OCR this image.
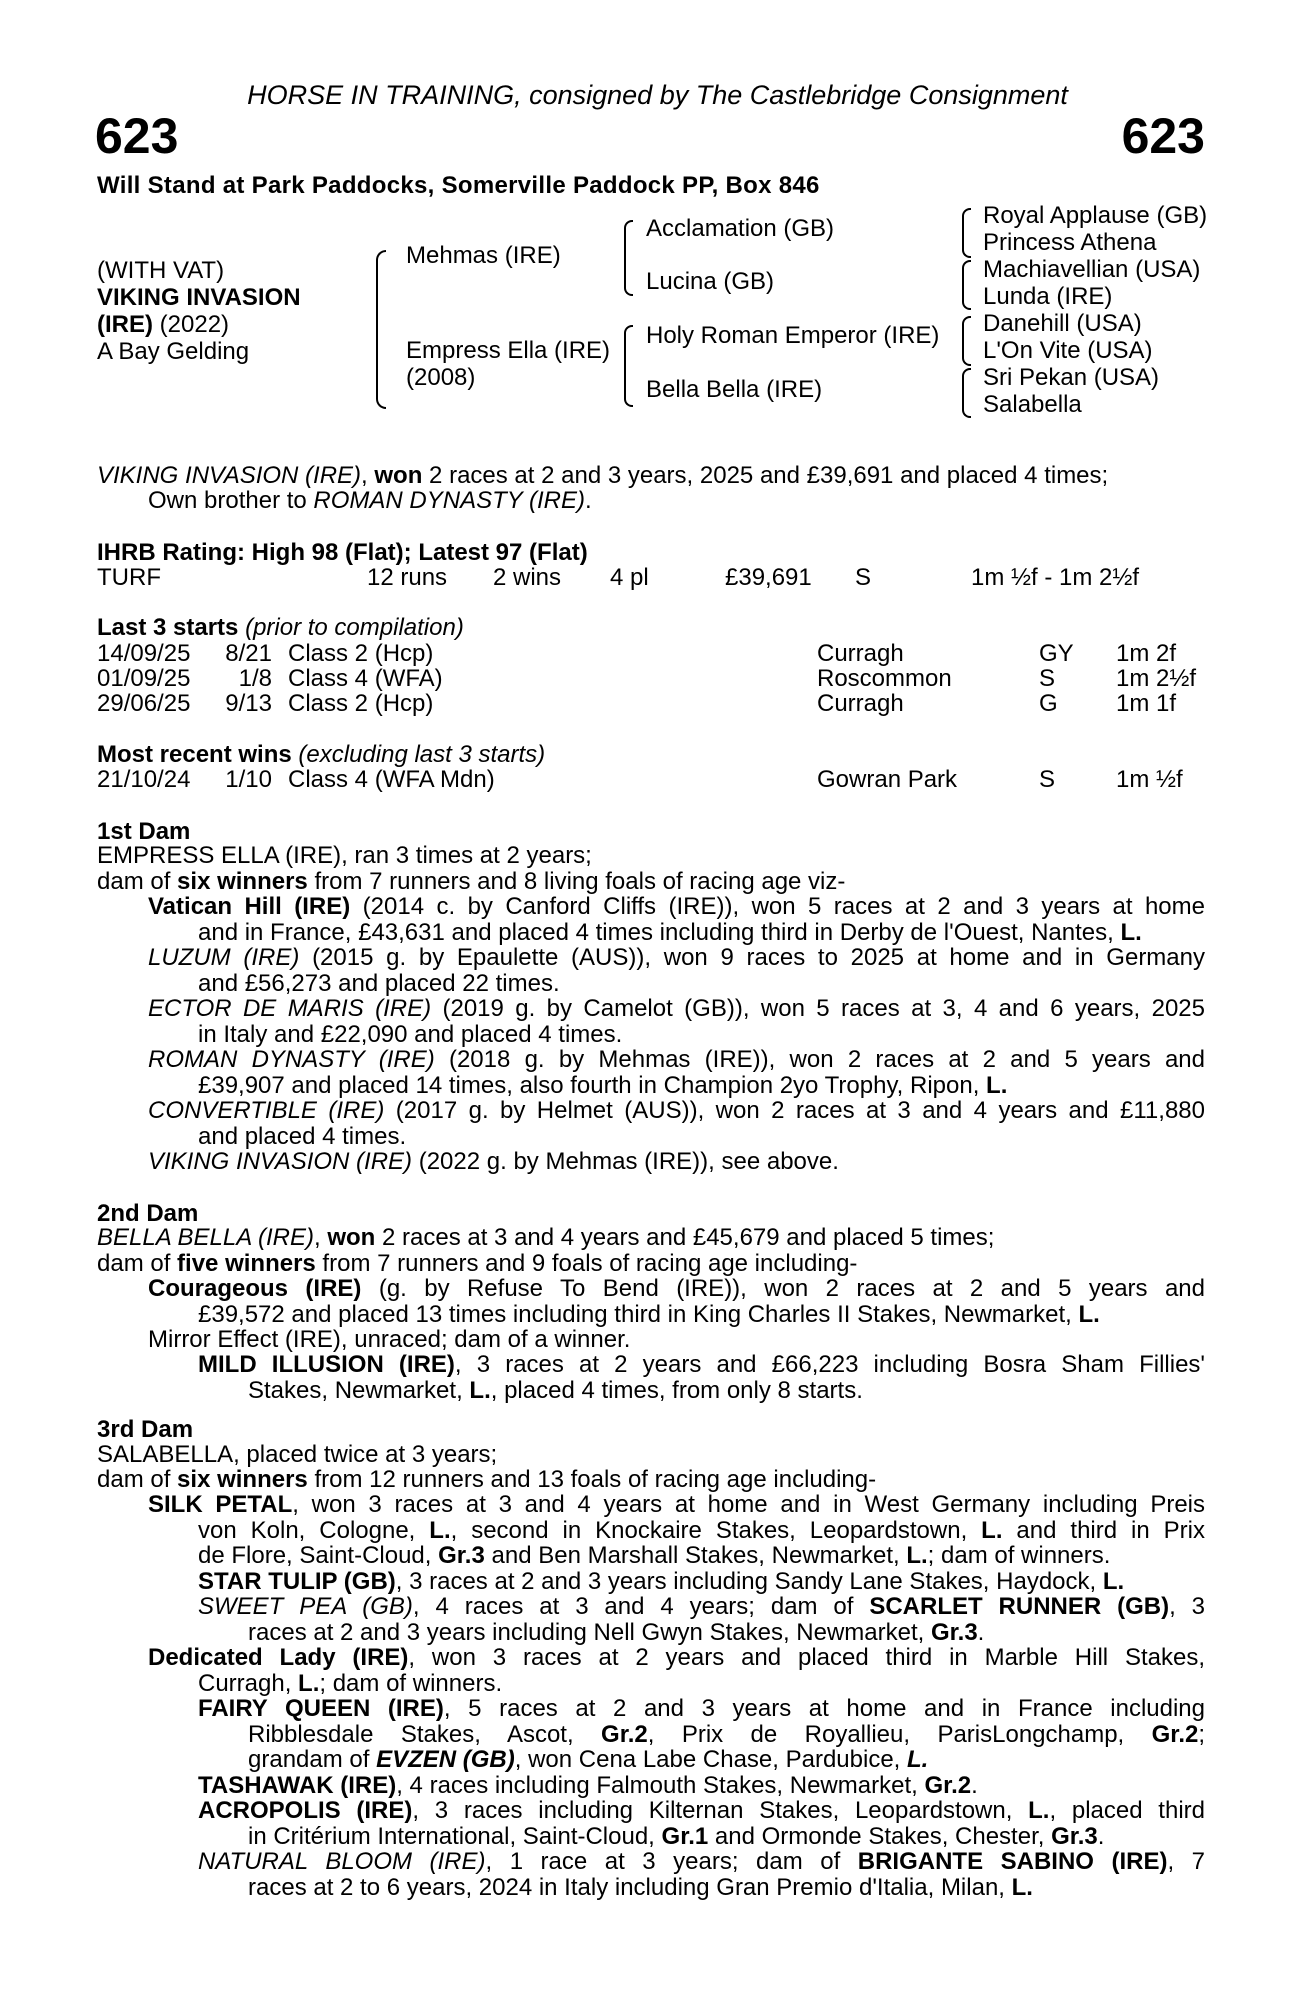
HORSE IN TRAINING, consigned by The Castlebridge Consignment
623	623
Will Stand at Park Paddocks, Somerville Paddock PP, Box 846
(WITH VAT)
VIKING INVASION
(IRE) (2022)
A Bay Gelding
Mehmas (IRE)
Empress Ella (IRE)
(2008)
Acclamation (GB)
Lucina (GB)
Holy Roman Emperor (IRE)
Bella Bella (IRE)
Royal Applause (GB)
Princess Athena
Machiavellian (USA)
Lunda (IRE)
Danehill (USA)
L'On Vite (USA)
Sri Pekan (USA)
Salabella
VIKING INVASION (IRE), won 2 races at 2 and 3 years, 2025 and £39,691 and placed 4 times;
Own brother to ROMAN DYNASTY (IRE).
IHRB Rating: High 98 (Flat); Latest 97 (Flat)
TURF	12 runs 2 wins 4 pl	£39,691 S	1m ½f - 1m 2½f
Last 3 starts (prior to compilation)
14/09/25	8/21 Class 2 (Hcp)	Curragh	GY 1m 2f
01/09/25	1/8 Class 4 (WFA)	Roscommon	S	1m 2½f
29/06/25	9/13 Class 2 (Hcp)	Curragh	G 1m 1f
Most recent wins (excluding last 3 starts)
21/10/24	1/10 Class 4 (WFA Mdn)	Gowran Park	S	1m ½f
1st Dam
EMPRESS ELLA (IRE), ran 3 times at 2 years;
dam of six winners from 7 runners and 8 living foals of racing age viz-
Vatican Hill (IRE) (2014 c. by Canford Cliffs (IRE)), won 5 races at 2 and 3 years at home
and in France, £43,631 and placed 4 times including third in Derby de l'Ouest, Nantes, L.
LUZUM (IRE) (2015 g. by Epaulette (AUS)), won 9 races to 2025 at home and in Germany
and £56,273 and placed 22 times.
ECTOR DE MARIS (IRE) (2019 g. by Camelot (GB)), won 5 races at 3, 4 and 6 years, 2025
in Italy and £22,090 and placed 4 times.
ROMAN DYNASTY (IRE) (2018 g. by Mehmas (IRE)), won 2 races at 2 and 5 years and
£39,907 and placed 14 times, also fourth in Champion 2yo Trophy, Ripon, L.
CONVERTIBLE (IRE) (2017 g. by Helmet (AUS)), won 2 races at 3 and 4 years and £11,880
and placed 4 times.
VIKING INVASION (IRE) (2022 g. by Mehmas (IRE)), see above.
2nd Dam
BELLA BELLA (IRE), won 2 races at 3 and 4 years and £45,679 and placed 5 times;
dam of five winners from 7 runners and 9 foals of racing age including-
Courageous (IRE) (g. by Refuse To Bend (IRE)), won 2 races at 2 and 5 years and
£39,572 and placed 13 times including third in King Charles II Stakes, Newmarket, L.
Mirror Effect (IRE), unraced; dam of a winner.
MILD ILLUSION (IRE), 3 races at 2 years and £66,223 including Bosra Sham Fillies'
Stakes, Newmarket, L., placed 4 times, from only 8 starts.
3rd Dam
SALABELLA, placed twice at 3 years;
dam of six winners from 12 runners and 13 foals of racing age including-
SILK PETAL, won 3 races at 3 and 4 years at home and in West Germany including Preis
von Koln, Cologne, L., second in Knockaire Stakes, Leopardstown, L. and third in Prix
de Flore, Saint-Cloud, Gr.3 and Ben Marshall Stakes, Newmarket, L.; dam of winners.
STAR TULIP (GB), 3 races at 2 and 3 years including Sandy Lane Stakes, Haydock, L.
SWEET PEA (GB), 4 races at 3 and 4 years; dam of SCARLET RUNNER (GB), 3
races at 2 and 3 years including Nell Gwyn Stakes, Newmarket, Gr.3.
Dedicated Lady (IRE), won 3 races at 2 years and placed third in Marble Hill Stakes,
Curragh, L.; dam of winners.
FAIRY QUEEN (IRE), 5 races at 2 and 3 years at home and in France including
Ribblesdale Stakes, Ascot, Gr.2, Prix de Royallieu, ParisLongchamp, Gr.2;
grandam of EVZEN (GB), won Cena Labe Chase, Pardubice, L.
TASHAWAK (IRE), 4 races including Falmouth Stakes, Newmarket, Gr.2.
ACROPOLIS (IRE), 3 races including Kilternan Stakes, Leopardstown, L., placed third
in Critérium International, Saint-Cloud, Gr.1 and Ormonde Stakes, Chester, Gr.3.
NATURAL BLOOM (IRE), 1 race at 3 years; dam of BRIGANTE SABINO (IRE), 7
races at 2 to 6 years, 2024 in Italy including Gran Premio d'Italia, Milan, L.
